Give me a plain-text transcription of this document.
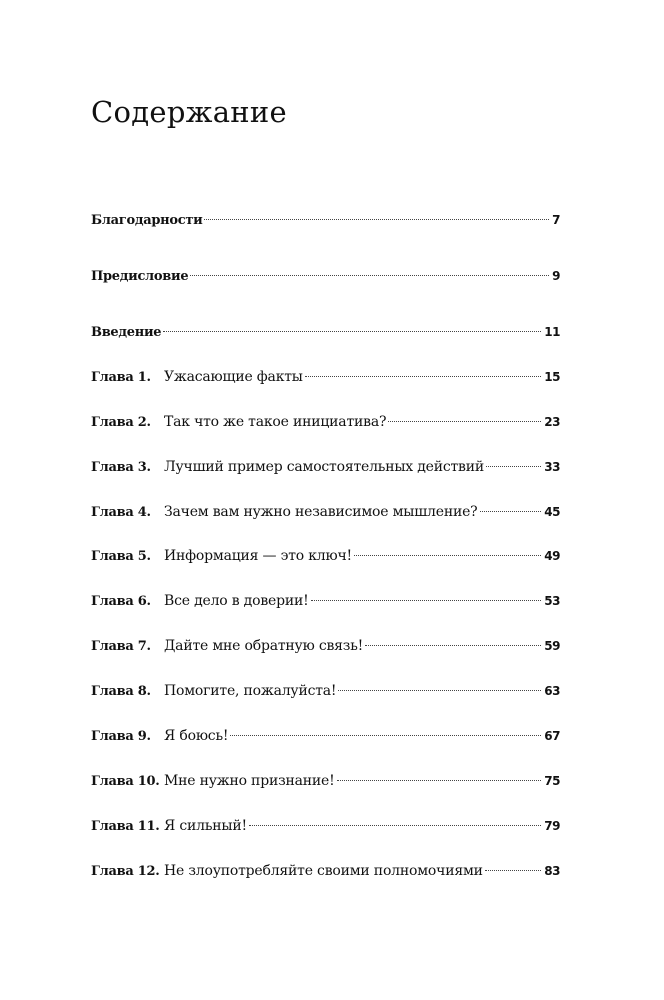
Содержание
Благодарности	7
Предисловие	9
Введение	11
Глава 1. Ужасающие факты	15
Глава 2. Так что же такое инициатива?	23
Глава 3. Лучший пример самостоятельных действий	33
Глава 4. Зачем вам нужно независимое мышление?	45
Глава 5. Информация — это ключ!	49
Глава 6. Все дело в доверии!	53
Глава 7. Дайте мне обратную связь!	59
Глава 8. Помогите, пожалуйста!	63
Глава 9. Я боюсь!	67
Глава 10. Мне нужно признание!	75
Глава 11. Я сильный!	79
Глава 12. Не злоупотребляйте своими полномочиями	83
